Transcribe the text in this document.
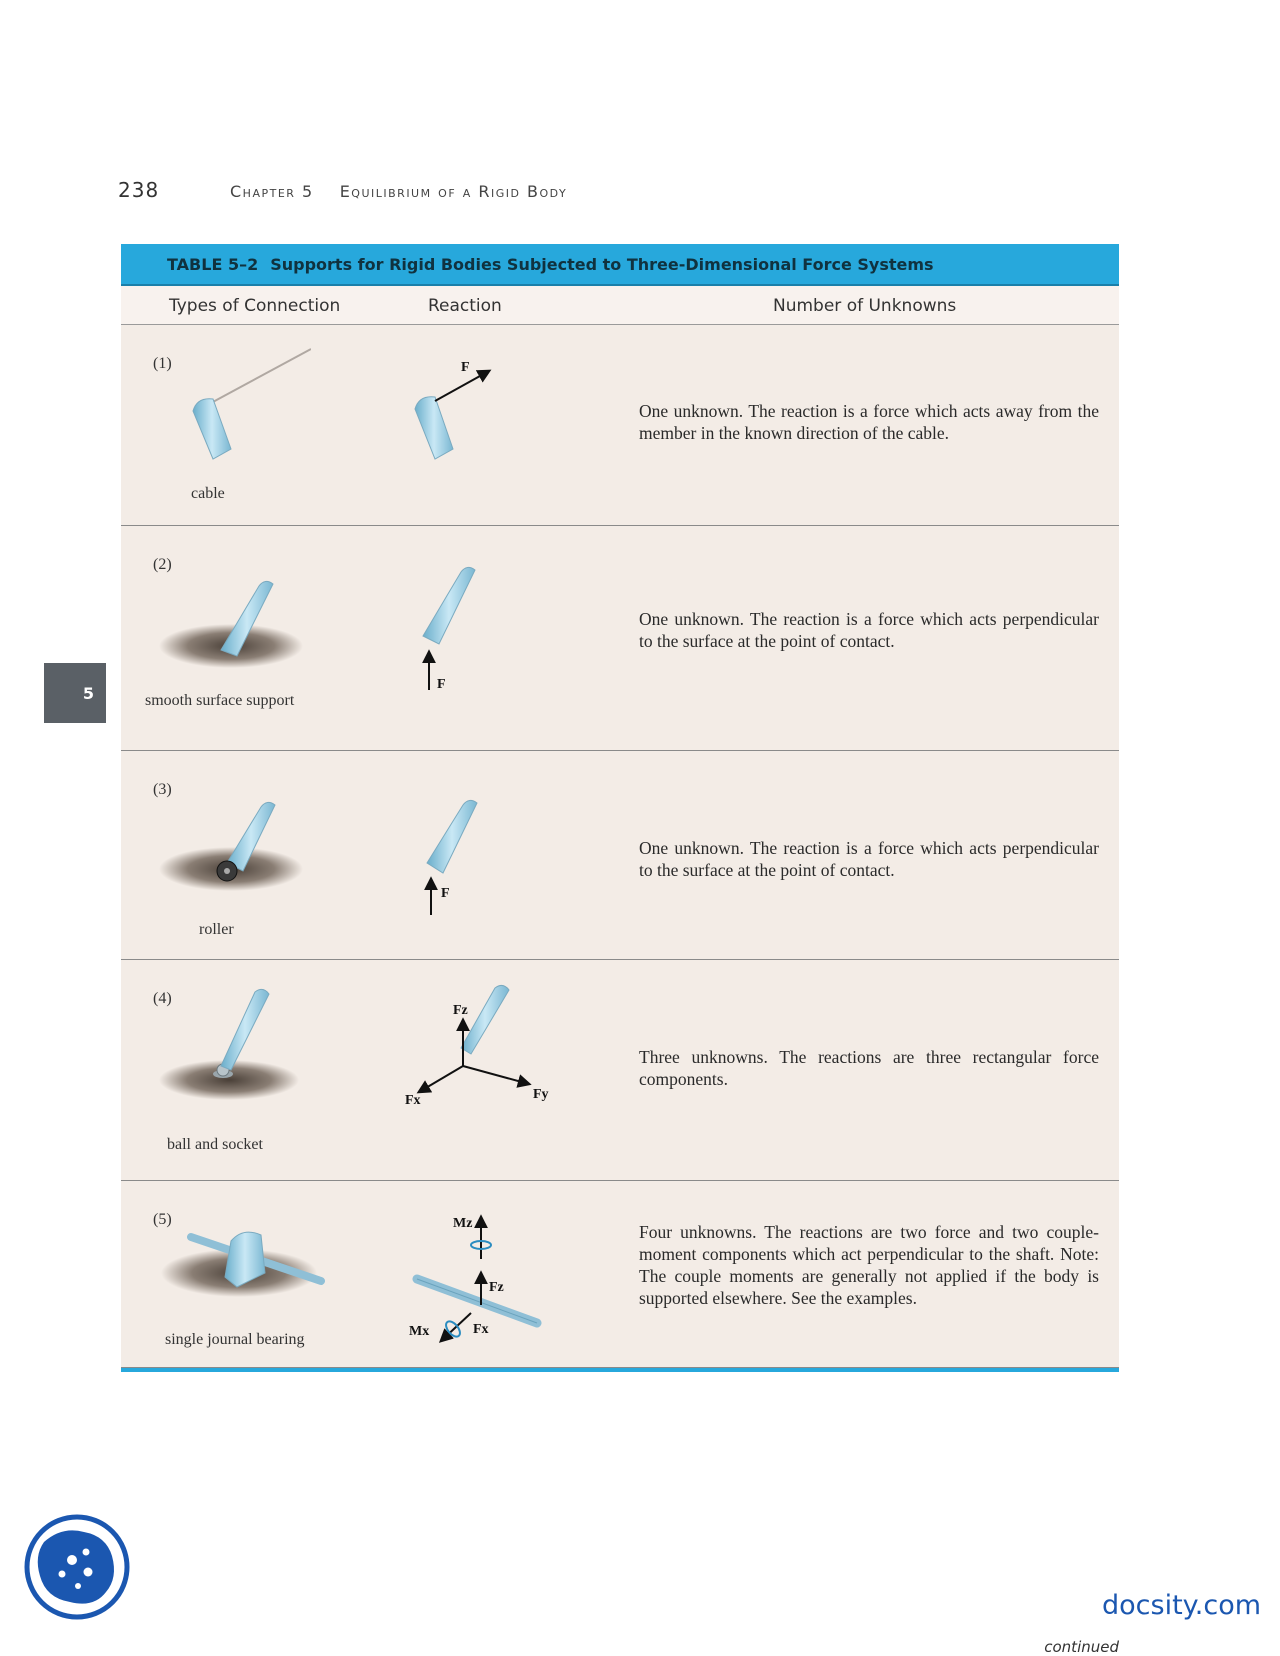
238	Chapter 5 Equilibrium of a Rigid Body
5
TABLE 5–2 Supports for Rigid Bodies Subjected to Three-Dimensional Force Systems
Types of Connection	Reaction	Number of Unknowns
(1)
cable
F
One unknown. The reaction is a force which acts away from the member in the known direction of the cable.
(2)
smooth surface support
F
One unknown. The reaction is a force which acts perpendicular to the surface at the point of contact.
(3)
roller
F
One unknown. The reaction is a force which acts perpendicular to the surface at the point of contact.
(4)
ball and socket
Fz
Fy
Fx
Three unknowns. The reactions are three rectangular force components.
(5)
single journal bearing
Mz
Fz
Mx	Fx
Four unknowns. The reactions are two force and two couple-moment components which act perpendicular to the shaft. Note: The couple moments are generally not applied if the body is supported elsewhere. See the examples.
continued
docsity.com
